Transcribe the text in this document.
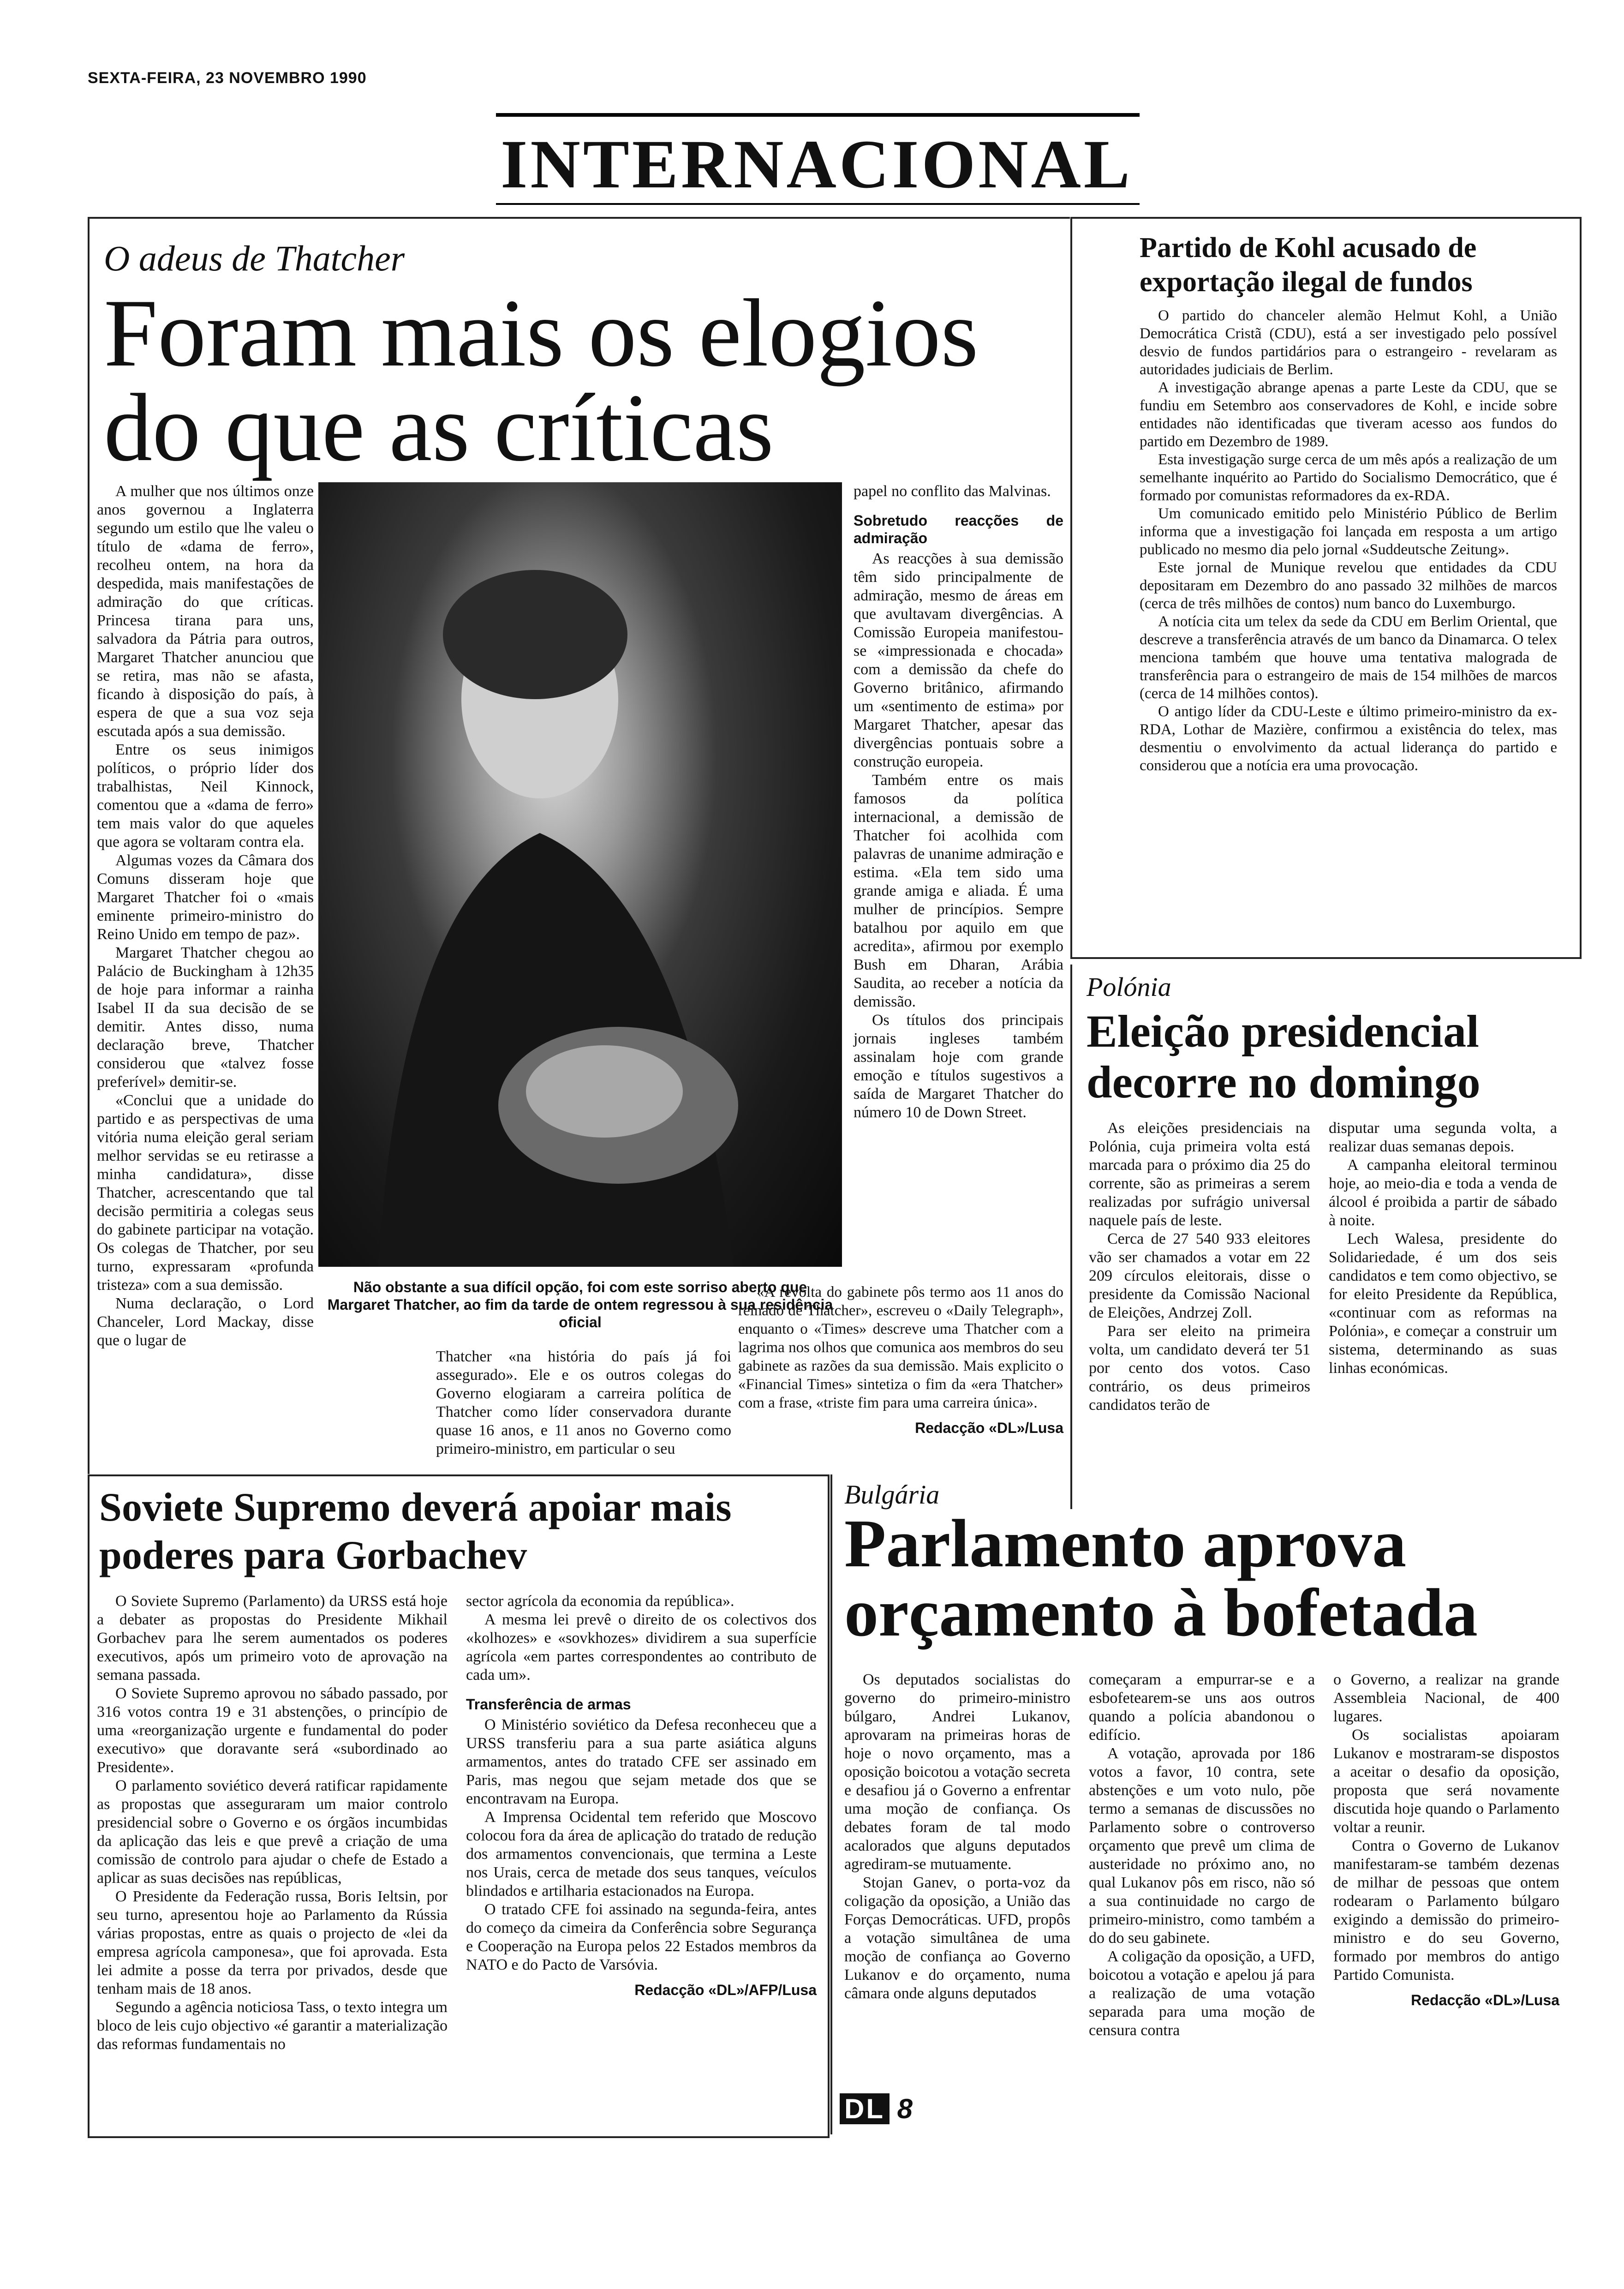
SEXTA-FEIRA, 23 NOVEMBRO 1990
INTERNACIONAL
O adeus de Thatcher
Foram mais os elogios do que as críticas

A mulher que nos últimos onze anos governou a Inglaterra segundo um estilo que lhe valeu o título de «dama de ferro», recolheu ontem, na hora da despedida, mais manifestações de admiração do que críticas. Princesa tirana para uns, salvadora da Pátria para outros, Margaret Thatcher anunciou que se retira, mas não se afasta, ficando à disposição do país, à espera de que a sua voz seja escutada após a sua demissão.

Entre os seus inimigos políticos, o próprio líder dos trabalhistas, Neil Kinnock, comentou que a «dama de ferro» tem mais valor do que aqueles que agora se voltaram contra ela.

Algumas vozes da Câmara dos Comuns disseram hoje que Margaret Thatcher foi o «mais eminente primeiro-ministro do Reino Unido em tempo de paz».

Margaret Thatcher chegou ao Palácio de Buckingham à 12h35 de hoje para informar a rainha Isabel II da sua decisão de se demitir. Antes disso, numa declaração breve, Thatcher considerou que «talvez fosse preferível» demitir-se.

«Conclui que a unidade do partido e as perspectivas de uma vitória numa eleição geral seriam melhor servidas se eu retirasse a minha candidatura», disse Thatcher, acrescentando que tal decisão permitiria a colegas seus do gabinete participar na votação. Os colegas de Thatcher, por seu turno, expressaram «profunda tristeza» com a sua demissão.

Numa declaração, o Lord Chanceler, Lord Mackay, disse que o lugar de

Não obstante a sua difícil opção, foi com este sorriso aberto que Margaret Thatcher, ao fim da tarde de ontem regressou à sua residência oficial

Thatcher «na história do país já foi assegurado». Ele e os outros colegas do Governo elogiaram a carreira política de Thatcher como líder conservadora durante quase 16 anos, e 11 anos no Governo como primeiro-ministro, em particular o seu

papel no conflito das Malvinas.

Sobretudo reacções de admiração

As reacções à sua demissão têm sido principalmente de admiração, mesmo de áreas em que avultavam divergências. A Comissão Europeia manifestou-se «impressionada e chocada» com a demissão da chefe do Governo britânico, afirmando um «sentimento de estima» por Margaret Thatcher, apesar das divergências pontuais sobre a construção europeia.

Também entre os mais famosos da política internacional, a demissão de Thatcher foi acolhida com palavras de unanime admiração e estima. «Ela tem sido uma grande amiga e aliada. É uma mulher de princípios. Sempre batalhou por aquilo em que acredita», afirmou por exemplo Bush em Dharan, Arábia Saudita, ao receber a notícia da demissão.

Os títulos dos principais jornais ingleses também assinalam hoje com grande emoção e títulos sugestivos a saída de Margaret Thatcher do número 10 de Down Street.

«A revolta do gabinete pôs termo aos 11 anos do reinado de Thatcher», escreveu o «Daily Telegraph», enquanto o «Times» descreve uma Thatcher com a lagrima nos olhos que comunica aos membros do seu gabinete as razões da sua demissão. Mais explicito o «Financial Times» sintetiza o fim da «era Thatcher» com a frase, «triste fim para uma carreira única».

Redacção «DL»/Lusa
Partido de Kohl acusado de exportação ilegal de fundos

O partido do chanceler alemão Helmut Kohl, a União Democrática Cristã (CDU), está a ser investigado pelo possível desvio de fundos partidários para o estrangeiro - revelaram as autoridades judiciais de Berlim.

A investigação abrange apenas a parte Leste da CDU, que se fundiu em Setembro aos conservadores de Kohl, e incide sobre entidades não identificadas que tiveram acesso aos fundos do partido em Dezembro de 1989.

Esta investigação surge cerca de um mês após a realização de um semelhante inquérito ao Partido do Socialismo Democrático, que é formado por comunistas reformadores da ex-RDA.

Um comunicado emitido pelo Ministério Público de Berlim informa que a investigação foi lançada em resposta a um artigo publicado no mesmo dia pelo jornal «Suddeutsche Zeitung».

Este jornal de Munique revelou que entidades da CDU depositaram em Dezembro do ano passado 32 milhões de marcos (cerca de três milhões de contos) num banco do Luxemburgo.

A notícia cita um telex da sede da CDU em Berlim Oriental, que descreve a transferência através de um banco da Dinamarca. O telex menciona também que houve uma tentativa malograda de transferência para o estrangeiro de mais de 154 milhões de marcos (cerca de 14 milhões contos).

O antigo líder da CDU-Leste e último primeiro-ministro da ex-RDA, Lothar de Mazière, confirmou a existência do telex, mas desmentiu o envolvimento da actual liderança do partido e considerou que a notícia era uma provocação.

Polónia
Eleição presidencial decorre no domingo

As eleições presidenciais na Polónia, cuja primeira volta está marcada para o próximo dia 25 do corrente, são as primeiras a serem realizadas por sufrágio universal naquele país de leste.

Cerca de 27 540 933 eleitores vão ser chamados a votar em 22 209 círculos eleitorais, disse o presidente da Comissão Nacional de Eleições, Andrzej Zoll.

Para ser eleito na primeira volta, um candidato deverá ter 51 por cento dos votos. Caso contrário, os deus primeiros candidatos terão de

disputar uma segunda volta, a realizar duas semanas depois.

A campanha eleitoral terminou hoje, ao meio-dia e toda a venda de álcool é proibida a partir de sábado à noite.

Lech Walesa, presidente do Solidariedade, é um dos seis candidatos e tem como objectivo, se for eleito Presidente da República, «continuar com as reformas na Polónia», e começar a construir um sistema, determinando as suas linhas económicas.

Soviete Supremo deverá apoiar mais poderes para Gorbachev

O Soviete Supremo (Parlamento) da URSS está hoje a debater as propostas do Presidente Mikhail Gorbachev para lhe serem aumentados os poderes executivos, após um primeiro voto de aprovação na semana passada.

O Soviete Supremo aprovou no sábado passado, por 316 votos contra 19 e 31 abstenções, o princípio de uma «reorganização urgente e fundamental do poder executivo» que doravante será «subordinado ao Presidente».

O parlamento soviético deverá ratificar rapidamente as propostas que asseguraram um maior controlo presidencial sobre o Governo e os órgãos incumbidas da aplicação das leis e que prevê a criação de uma comissão de controlo para ajudar o chefe de Estado a aplicar as suas decisões nas repúblicas,

O Presidente da Federação russa, Boris Ieltsin, por seu turno, apresentou hoje ao Parlamento da Rússia várias propostas, entre as quais o projecto de «lei da empresa agrícola camponesa», que foi aprovada. Esta lei admite a posse da terra por privados, desde que tenham mais de 18 anos.

Segundo a agência noticiosa Tass, o texto integra um bloco de leis cujo objectivo «é garantir a materialização das reformas fundamentais no

sector agrícola da economia da república».

A mesma lei prevê o direito de os colectivos dos «kolhozes» e «sovkhozes» dividirem a sua superfície agrícola «em partes correspondentes ao contributo de cada um».

Transferência de armas

O Ministério soviético da Defesa reconheceu que a URSS transferiu para a sua parte asiática alguns armamentos, antes do tratado CFE ser assinado em Paris, mas negou que sejam metade dos que se encontravam na Europa.

A Imprensa Ocidental tem referido que Moscovo colocou fora da área de aplicação do tratado de redução dos armamentos convencionais, que termina a Leste nos Urais, cerca de metade dos seus tanques, veículos blindados e artilharia estacionados na Europa.

O tratado CFE foi assinado na segunda-feira, antes do começo da cimeira da Conferência sobre Segurança e Cooperação na Europa pelos 22 Estados membros da NATO e do Pacto de Varsóvia.

Redacção «DL»/AFP/Lusa
Bulgária
Parlamento aprova orçamento à bofetada

Os deputados socialistas do governo do primeiro-ministro búlgaro, Andrei Lukanov, aprovaram na primeiras horas de hoje o novo orçamento, mas a oposição boicotou a votação secreta e desafiou já o Governo a enfrentar uma moção de confiança. Os debates foram de tal modo acalorados que alguns deputados agrediram-se mutuamente.

Stojan Ganev, o porta-voz da coligação da oposição, a União das Forças Democráticas. UFD, propôs a votação simultânea de uma moção de confiança ao Governo Lukanov e do orçamento, numa câmara onde alguns deputados

começaram a empurrar-se e a esbofetearem-se uns aos outros quando a polícia abandonou o edifício.

A votação, aprovada por 186 votos a favor, 10 contra, sete abstenções e um voto nulo, põe termo a semanas de discussões no Parlamento sobre o controverso orçamento que prevê um clima de austeridade no próximo ano, no qual Lukanov pôs em risco, não só a sua continuidade no cargo de primeiro-ministro, como também a do do seu gabinete.

A coligação da oposição, a UFD, boicotou a votação e apelou já para a realização de uma votação separada para uma moção de censura contra

o Governo, a realizar na grande Assembleia Nacional, de 400 lugares.

Os socialistas apoiaram Lukanov e mostraram-se dispostos a aceitar o desafio da oposição, proposta que será novamente discutida hoje quando o Parlamento voltar a reunir.

Contra o Governo de Lukanov manifestaram-se também dezenas de milhar de pessoas que ontem rodearam o Parlamento búlgaro exigindo a demissão do primeiro-ministro e do seu Governo, formado por membros do antigo Partido Comunista.

Redacção «DL»/Lusa
DL 8
